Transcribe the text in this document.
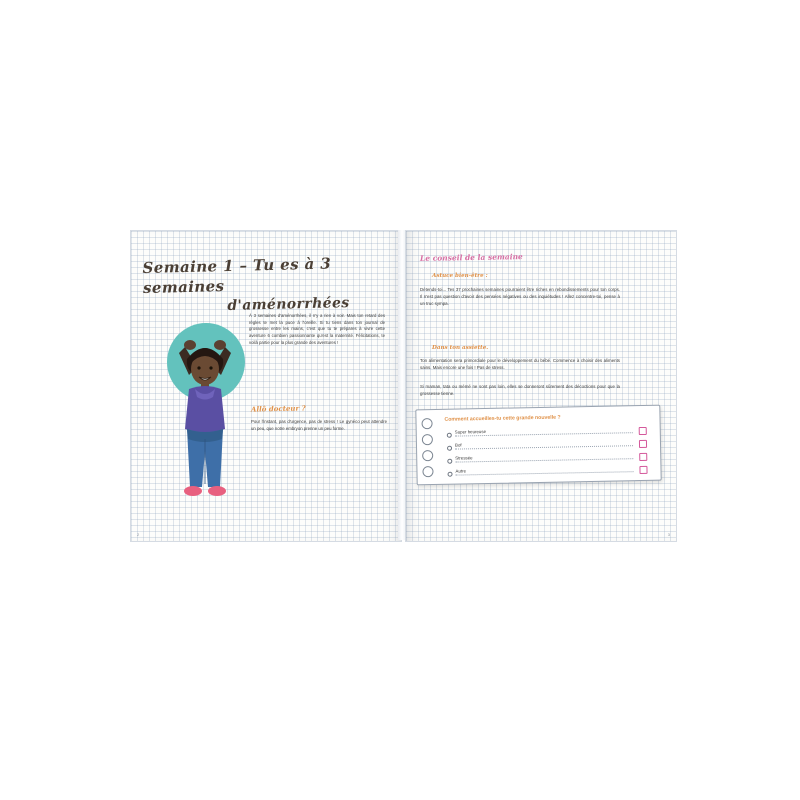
Semaine 1 – Tu es à 3 semaines
d'aménorrhées
À 3 semaines d'aménorrhées, il n'y a rien à voir. Mais ton retard des règles te met la puce à l'oreille. Si tu tiens dans ton journal de grossesse entre les mains, c'est que tu te prépares à vivre cette aventure 6 combien passionnante qu'est la maternité. Félicitations, te voilà partie pour la plus grande des aventures !
Allô docteur ?
Pour l'instant, pas d'urgence, pas de stress ! Le gynéco peut attendre un peu, que notre embryon prenne un peu forme.
2
Le conseil de la semaine
Astuce bien-être :
Détends-toi... Tes 37 prochaines semaines pourraient être riches en rebondissements pour ton corps. Il n'est pas question d'avoir des pensées négatives ou des inquiétudes ! Allez concentre-toi, pense à un truc sympa.
Dans ton assiette.
Ton alimentation sera primordiale pour le développement du bébé. Commence à choisir des aliments sains. Mais encore une fois ! Pas de stress.
Si maman, tata ou mémé ne sont pas loin, elles se donneront sûrement des décoctions pour que la grossesse tienne.
Comment accueilles-tu cette grande nouvelle ?
Super heureuse
Bof
Stressée
Autre
3
